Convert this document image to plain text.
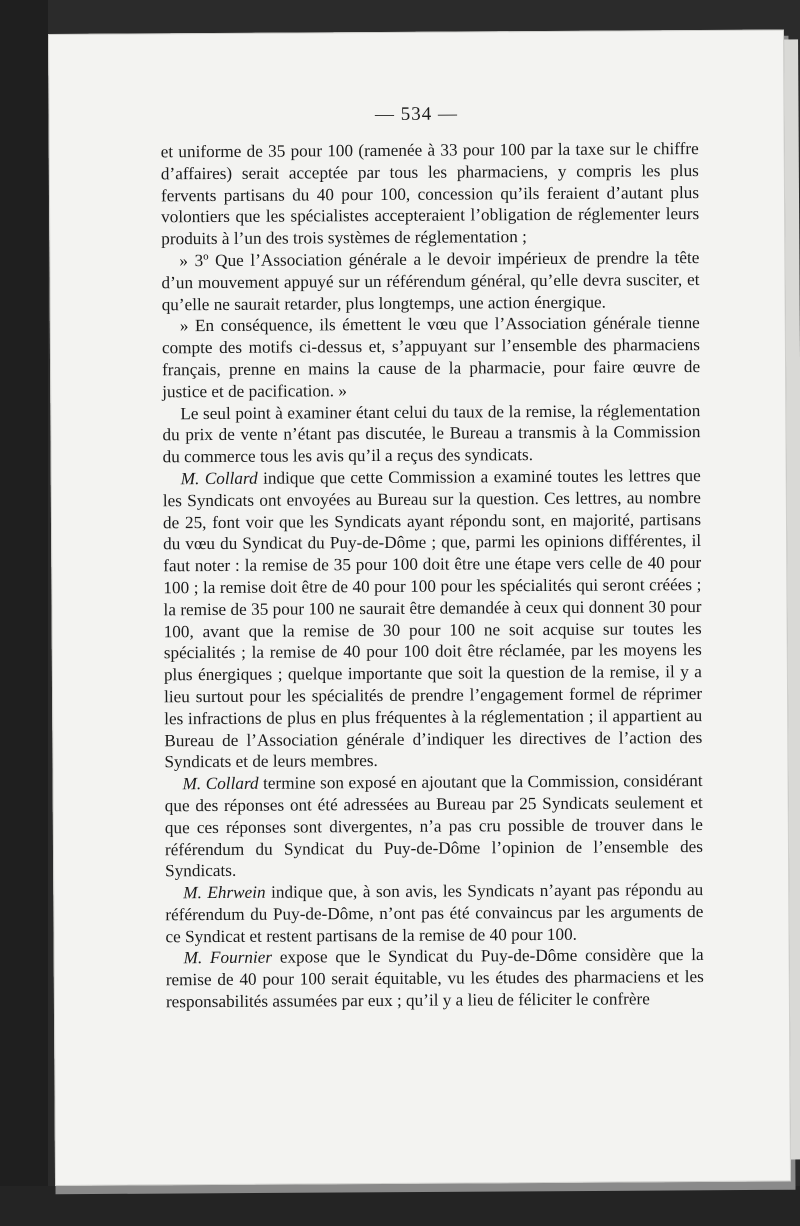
— 534 —

et uniforme de 35 pour 100 (ramenée à 33 pour 100 par la taxe sur le chiffre d’affaires) serait acceptée par tous les pharmaciens, y compris les plus fervents partisans du 40 pour 100, concession qu’ils feraient d’autant plus volontiers que les spécialistes accepteraient l’obligation de réglementer leurs produits à l’un des trois systèmes de réglementation ;

» 3º Que l’Association générale a le devoir impérieux de prendre la tête d’un mouvement appuyé sur un référendum général, qu’elle devra susciter, et qu’elle ne saurait retarder, plus longtemps, une action énergique.

» En conséquence, ils émettent le vœu que l’Association générale tienne compte des motifs ci-dessus et, s’appuyant sur l’ensemble des pharmaciens français, prenne en mains la cause de la pharmacie, pour faire œuvre de justice et de pacification. »

Le seul point à examiner étant celui du taux de la remise, la réglementation du prix de vente n’étant pas discutée, le Bureau a transmis à la Commission du commerce tous les avis qu’il a reçus des syndicats.

M. Collard indique que cette Commission a examiné toutes les lettres que les Syndicats ont envoyées au Bureau sur la question. Ces lettres, au nombre de 25, font voir que les Syndicats ayant répondu sont, en majorité, partisans du vœu du Syndicat du Puy-de-Dôme ; que, parmi les opinions différentes, il faut noter : la remise de 35 pour 100 doit être une étape vers celle de 40 pour 100 ; la remise doit être de 40 pour 100 pour les spécialités qui seront créées ; la remise de 35 pour 100 ne saurait être demandée à ceux qui donnent 30 pour 100, avant que la remise de 30 pour 100 ne soit acquise sur toutes les spécialités ; la remise de 40 pour 100 doit être réclamée, par les moyens les plus énergiques ; quelque importante que soit la question de la remise, il y a lieu surtout pour les spécialités de prendre l’engagement formel de réprimer les infractions de plus en plus fréquentes à la réglementation ; il appartient au Bureau de l’Association générale d’indiquer les directives de l’action des Syndicats et de leurs membres.

M. Collard termine son exposé en ajoutant que la Commission, considérant que des réponses ont été adressées au Bureau par 25 Syndicats seulement et que ces réponses sont divergentes, n’a pas cru possible de trouver dans le référendum du Syndicat du Puy-de-Dôme l’opinion de l’ensemble des Syndicats.

M. Ehrwein indique que, à son avis, les Syndicats n’ayant pas répondu au référendum du Puy-de-Dôme, n’ont pas été convaincus par les arguments de ce Syndicat et restent partisans de la remise de 40 pour 100.

M. Fournier expose que le Syndicat du Puy-de-Dôme considère que la remise de 40 pour 100 serait équitable, vu les études des pharmaciens et les responsabilités assumées par eux ; qu’il y a lieu de féliciter le confrère
